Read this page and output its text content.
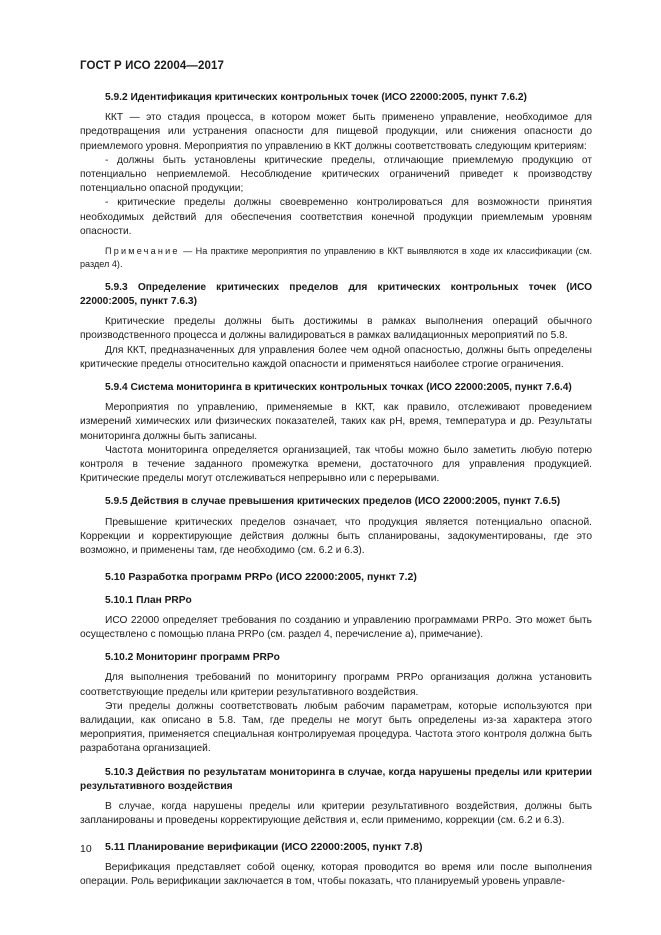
ГОСТ Р ИСО 22004—2017

5.9.2 Идентификация критических контрольных точек (ИСО 22000:2005, пункт 7.6.2)

ККТ — это стадия процесса, в котором может быть применено управление, необходимое для предотвращения или устранения опасности для пищевой продукции, или снижения опасности до приемлемого уровня. Мероприятия по управлению в ККТ должны соответствовать следующим критериям:

- должны быть установлены критические пределы, отличающие приемлемую продукцию от потенциально неприемлемой. Несоблюдение критических ограничений приведет к производству потенциально опасной продукции;

- критические пределы должны своевременно контролироваться для возможности принятия необходимых действий для обеспечения соответствия конечной продукции приемлемым уровням опасности.

Примечание — На практике мероприятия по управлению в ККТ выявляются в ходе их классификации (см. раздел 4).

5.9.3 Определение критических пределов для критических контрольных точек (ИСО 22000:2005, пункт 7.6.3)

Критические пределы должны быть достижимы в рамках выполнения операций обычного производственного процесса и должны валидироваться в рамках валидационных мероприятий по 5.8.

Для ККТ, предназначенных для управления более чем одной опасностью, должны быть определены критические пределы относительно каждой опасности и применяться наиболее строгие ограничения.

5.9.4 Система мониторинга в критических контрольных точках (ИСО 22000:2005, пункт 7.6.4)

Мероприятия по управлению, применяемые в ККТ, как правило, отслеживают проведением измерений химических или физических показателей, таких как pH, время, температура и др. Результаты мониторинга должны быть записаны.

Частота мониторинга определяется организацией, так чтобы можно было заметить любую потерю контроля в течение заданного промежутка времени, достаточного для управления продукцией. Критические пределы могут отслеживаться непрерывно или с перерывами.

5.9.5 Действия в случае превышения критических пределов (ИСО 22000:2005, пункт 7.6.5)

Превышение критических пределов означает, что продукция является потенциально опасной. Коррекции и корректирующие действия должны быть спланированы, задокументированы, где это возможно, и применены там, где необходимо (см. 6.2 и 6.3).

5.10 Разработка программ PRPo (ИСО 22000:2005, пункт 7.2)

5.10.1 План PRPo

ИСО 22000 определяет требования по созданию и управлению программами PRPo. Это может быть осуществлено с помощью плана PRPo (см. раздел 4, перечисление а), примечание).

5.10.2 Мониторинг программ PRPo

Для выполнения требований по мониторингу программ PRPo организация должна установить соответствующие пределы или критерии результативного воздействия.

Эти пределы должны соответствовать любым рабочим параметрам, которые используются при валидации, как описано в 5.8. Там, где пределы не могут быть определены из-за характера этого мероприятия, применяется специальная контролируемая процедура. Частота этого контроля должна быть разработана организацией.

5.10.3 Действия по результатам мониторинга в случае, когда нарушены пределы или критерии результативного воздействия

В случае, когда нарушены пределы или критерии результативного воздействия, должны быть запланированы и проведены корректирующие действия и, если применимо, коррекции (см. 6.2 и 6.3).

5.11 Планирование верификации (ИСО 22000:2005, пункт 7.8)

Верификация представляет собой оценку, которая проводится во время или после выполнения операции. Роль верификации заключается в том, чтобы показать, что планируемый уровень управле-

10
